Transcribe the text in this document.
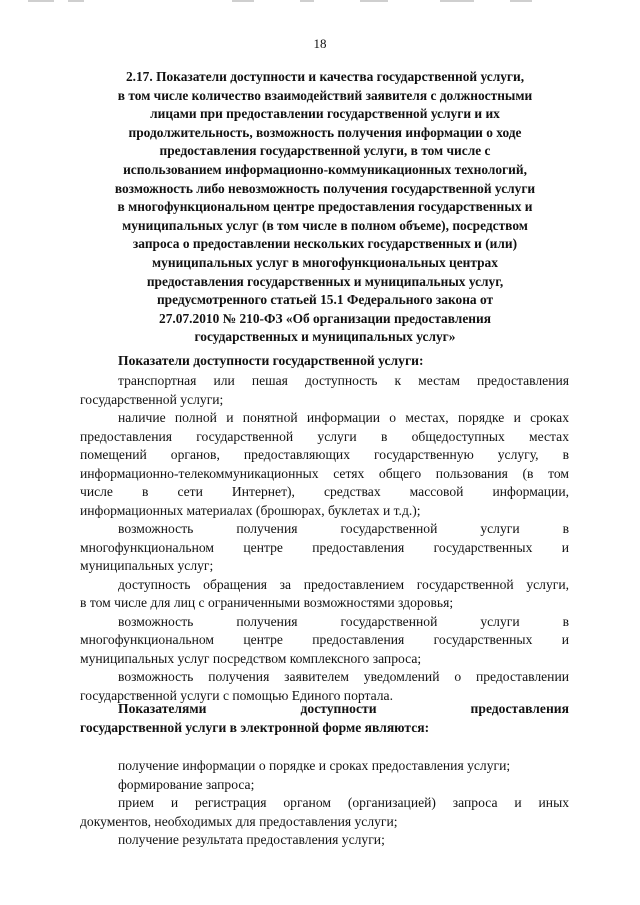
18
2.17. Показатели доступности и качества государственной услуги,
в том числе количество взаимодействий заявителя с должностными
лицами при предоставлении государственной услуги и их
продолжительность, возможность получения информации о ходе
предоставления государственной услуги, в том числе с
использованием информационно-коммуникационных технологий,
возможность либо невозможность получения государственной услуги
в многофункциональном центре предоставления государственных и
муниципальных услуг (в том числе в полном объеме), посредством
запроса о предоставлении нескольких государственных и (или)
муниципальных услуг в многофункциональных центрах
предоставления государственных и муниципальных услуг,
предусмотренного статьей 15.1 Федерального закона от
27.07.2010 № 210-ФЗ «Об организации предоставления
государственных и муниципальных услуг»
Показатели доступности государственной услуги:
транспортная или пешая доступность к местам предоставления
государственной услуги;
наличие полной и понятной информации о местах, порядке и сроках
предоставления государственной услуги в общедоступных местах
помещений органов, предоставляющих государственную услугу, в
информационно-телекоммуникационных сетях общего пользования (в том
числе в сети Интернет), средствах массовой информации,
информационных материалах (брошюрах, буклетах и т.д.);
возможность получения государственной услуги в
многофункциональном центре предоставления государственных и
муниципальных услуг;
доступность обращения за предоставлением государственной услуги,
в том числе для лиц с ограниченными возможностями здоровья;
возможность получения государственной услуги в
многофункциональном центре предоставления государственных и
муниципальных услуг посредством комплексного запроса;
возможность получения заявителем уведомлений о предоставлении
государственной услуги с помощью Единого портала.
Показателями доступности предоставления
государственной услуги в электронной форме являются:
получение информации о порядке и сроках предоставления услуги;
формирование запроса;
прием и регистрация органом (организацией) запроса и иных
документов, необходимых для предоставления услуги;
получение результата предоставления услуги;
